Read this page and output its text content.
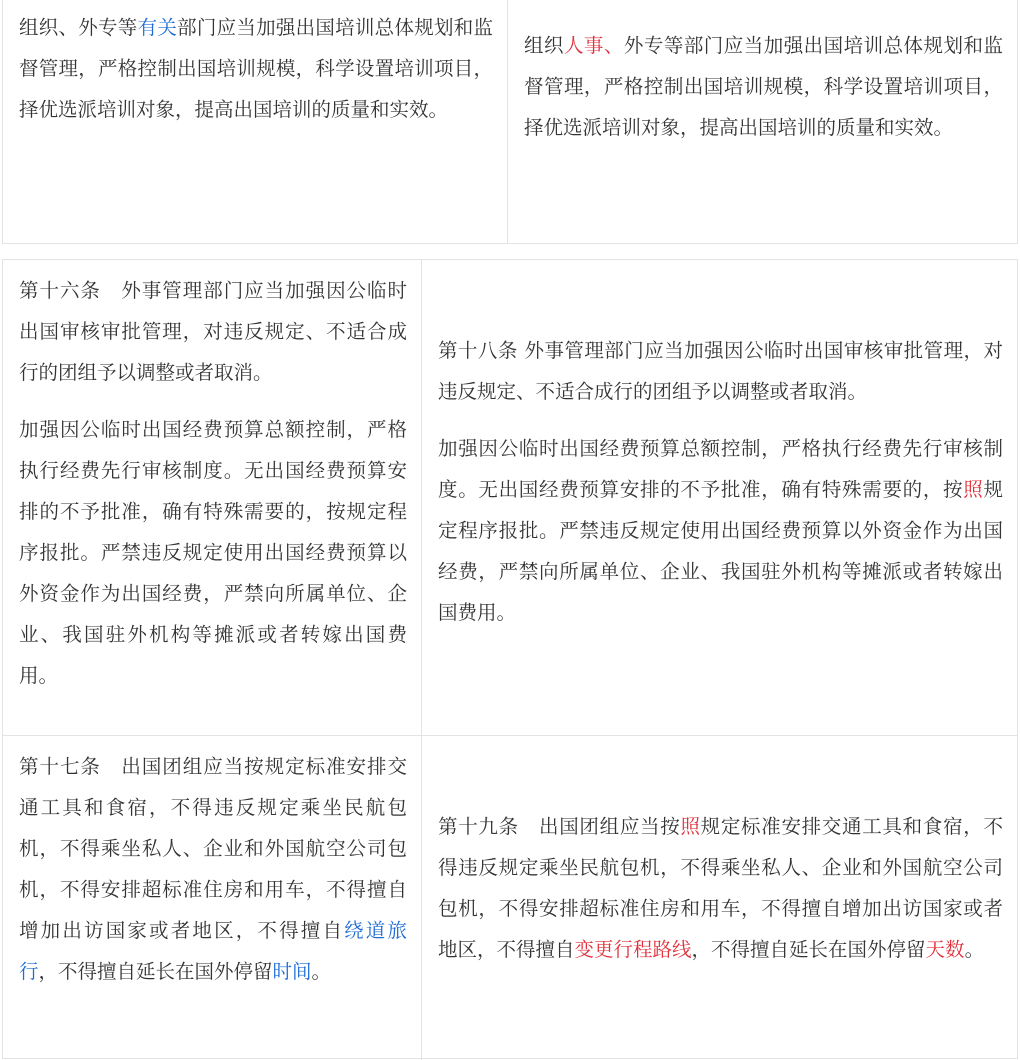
组织、外专等有关部门应当加强出国培训总体规划和监督管理，严格控制出国培训规模，科学设置培训项目，择优选派培训对象，提高出国培训的质量和实效。

组织人事、外专等部门应当加强出国培训总体规划和监督管理，严格控制出国培训规模，科学设置培训项目，择优选派培训对象，提高出国培训的质量和实效。

第十六条　外事管理部门应当加强因公临时出国审核审批管理，对违反规定、不适合成行的团组予以调整或者取消。

加强因公临时出国经费预算总额控制，严格执行经费先行审核制度。无出国经费预算安排的不予批准，确有特殊需要的，按规定程序报批。严禁违反规定使用出国经费预算以外资金作为出国经费，严禁向所属单位、企业、我国驻外机构等摊派或者转嫁出国费用。

第十八条 外事管理部门应当加强因公临时出国审核审批管理，对违反规定、不适合成行的团组予以调整或者取消。

加强因公临时出国经费预算总额控制，严格执行经费先行审核制度。无出国经费预算安排的不予批准，确有特殊需要的，按照规定程序报批。严禁违反规定使用出国经费预算以外资金作为出国经费，严禁向所属单位、企业、我国驻外机构等摊派或者转嫁出国费用。

第十七条　出国团组应当按规定标准安排交通工具和食宿，不得违反规定乘坐民航包机，不得乘坐私人、企业和外国航空公司包机，不得安排超标准住房和用车，不得擅自增加出访国家或者地区，不得擅自绕道旅行，不得擅自延长在国外停留时间。

第十九条　出国团组应当按照规定标准安排交通工具和食宿，不得违反规定乘坐民航包机，不得乘坐私人、企业和外国航空公司包机，不得安排超标准住房和用车，不得擅自增加出访国家或者地区，不得擅自变更行程路线，不得擅自延长在国外停留天数。
